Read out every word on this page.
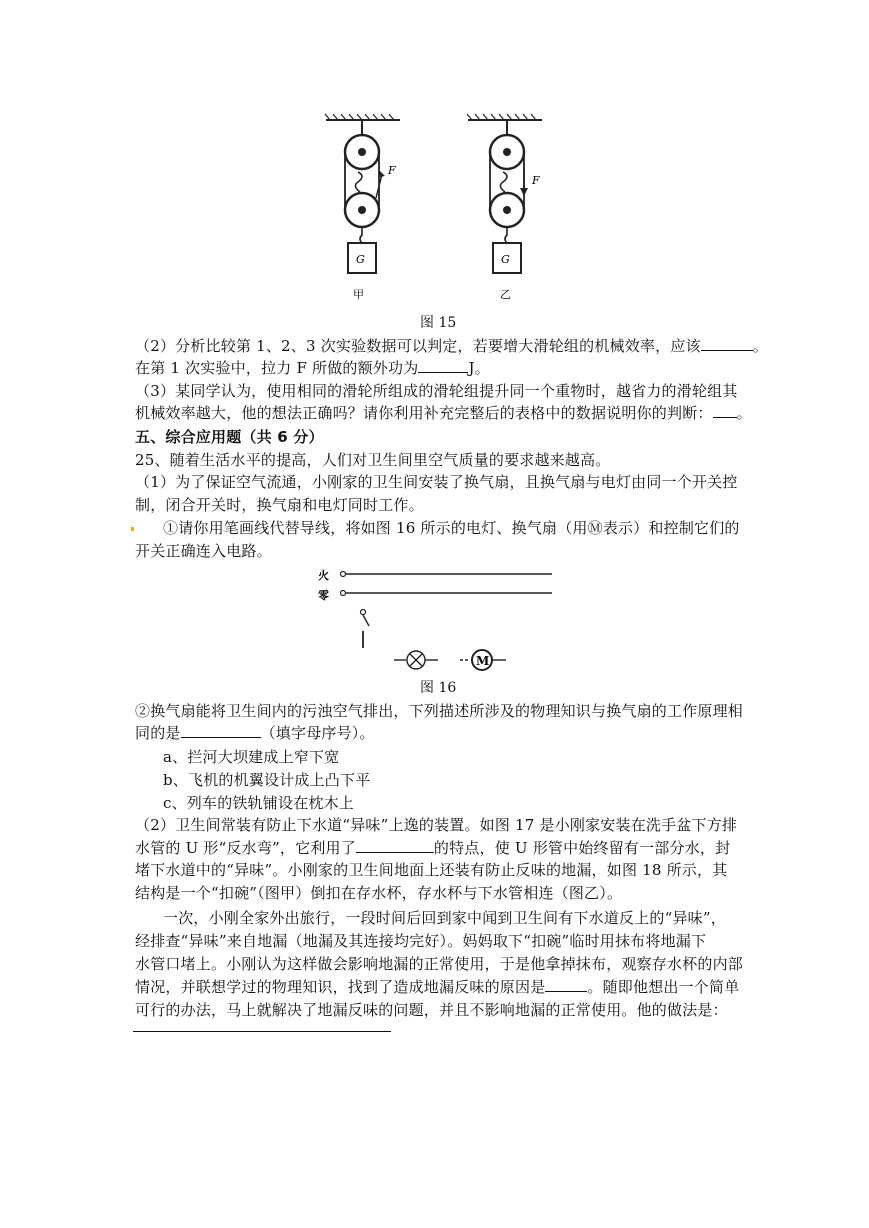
F
G
甲
F
G
乙
图 15
（2）分析比较第 1、2、3 次实验数据可以判定，若要增大滑轮组的机械效率，应该	。
在第 1 次实验中，拉力 F 所做的额外功为	J。
（3）某同学认为，使用相同的滑轮所组成的滑轮组提升同一个重物时，越省力的滑轮组其
机械效率越大，他的想法正确吗？请你利用补充完整后的表格中的数据说明你的判断： 。
五、综合应用题（共 6 分）
25、随着生活水平的提高，人们对卫生间里空气质量的要求越来越高。
（1）为了保证空气流通，小刚家的卫生间安装了换气扇，且换气扇与电灯由同一个开关控
制，闭合开关时，换气扇和电灯同时工作。
①请你用笔画线代替导线，将如图 16 所示的电灯、换气扇（用Ⓜ表示）和控制它们的
开关正确连入电路。
火
零
M
图 16
②换气扇能将卫生间内的污浊空气排出，下列描述所涉及的物理知识与换气扇的工作原理相
同的是	（填字母序号）。
a、拦河大坝建成上窄下宽
b、飞机的机翼设计成上凸下平
c、列车的铁轨铺设在枕木上
（2）卫生间常装有防止下水道“异味”上逸的装置。如图 17 是小刚家安装在洗手盆下方排
水管的 U 形“反水弯”，它利用了	的特点，使 U 形管中始终留有一部分水，封
堵下水道中的“异味”。小刚家的卫生间地面上还装有防止反味的地漏，如图 18 所示，其
结构是一个“扣碗”（图甲）倒扣在存水杯，存水杯与下水管相连（图乙）。
一次，小刚全家外出旅行，一段时间后回到家中闻到卫生间有下水道反上的“异味”，
经排查“异味”来自地漏（地漏及其连接均完好）。妈妈取下“扣碗”临时用抹布将地漏下
水管口堵上。小刚认为这样做会影响地漏的正常使用，于是他拿掉抹布，观察存水杯的内部
情况，并联想学过的物理知识，找到了造成地漏反味的原因是	。随即他想出一个简单
可行的办法，马上就解决了地漏反味的问题，并且不影响地漏的正常使用。他的做法是：
